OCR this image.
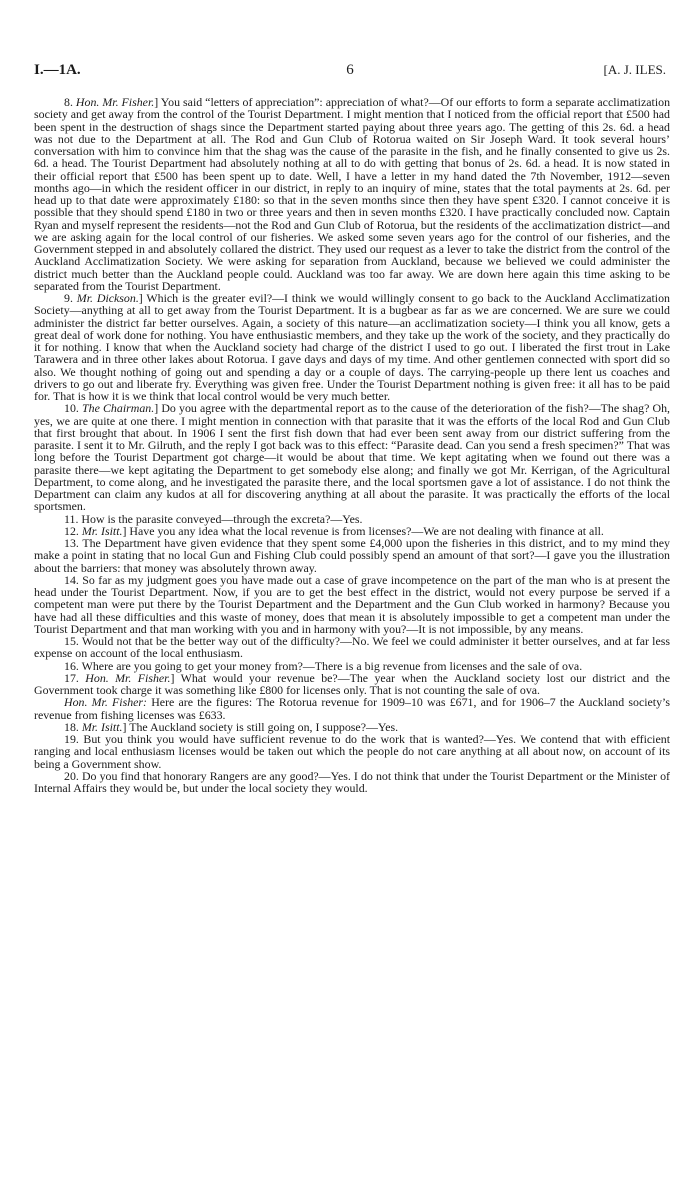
I.—1A.	6	[A. J. ILES.

8. Hon. Mr. Fisher.] You said “letters of appreciation”: appreciation of what?—Of our efforts to form a separate acclimatization society and get away from the control of the Tourist Department. I might mention that I noticed from the official report that £500 had been spent in the destruction of shags since the Department started paying about three years ago. The getting of this 2s. 6d. a head was not due to the Department at all. The Rod and Gun Club of Rotorua waited on Sir Joseph Ward. It took several hours’ conversation with him to convince him that the shag was the cause of the parasite in the fish, and he finally consented to give us 2s. 6d. a head. The Tourist Department had absolutely nothing at all to do with getting that bonus of 2s. 6d. a head. It is now stated in their official report that £500 has been spent up to date. Well, I have a letter in my hand dated the 7th November, 1912—seven months ago—in which the resident officer in our district, in reply to an inquiry of mine, states that the total payments at 2s. 6d. per head up to that date were approximately £180: so that in the seven months since then they have spent £320. I cannot conceive it is possible that they should spend £180 in two or three years and then in seven months £320. I have practically concluded now. Captain Ryan and myself represent the residents—not the Rod and Gun Club of Rotorua, but the residents of the acclimatization district—and we are asking again for the local control of our fisheries. We asked some seven years ago for the control of our fisheries, and the Government stepped in and absolutely collared the district. They used our request as a lever to take the district from the control of the Auckland Acclimatization Society. We were asking for separation from Auckland, because we believed we could administer the district much better than the Auckland people could. Auckland was too far away. We are down here again this time asking to be separated from the Tourist Department.

9. Mr. Dickson.] Which is the greater evil?—I think we would willingly consent to go back to the Auckland Acclimatization Society—anything at all to get away from the Tourist Department. It is a bugbear as far as we are concerned. We are sure we could administer the district far better ourselves. Again, a society of this nature—an acclimatization society—I think you all know, gets a great deal of work done for nothing. You have enthusiastic members, and they take up the work of the society, and they practically do it for nothing. I know that when the Auckland society had charge of the district I used to go out. I liberated the first trout in Lake Tarawera and in three other lakes about Rotorua. I gave days and days of my time. And other gentlemen connected with sport did so also. We thought nothing of going out and spending a day or a couple of days. The carrying-people up there lent us coaches and drivers to go out and liberate fry. Everything was given free. Under the Tourist Department nothing is given free: it all has to be paid for. That is how it is we think that local control would be very much better.

10. The Chairman.] Do you agree with the departmental report as to the cause of the deterioration of the fish?—The shag? Oh, yes, we are quite at one there. I might mention in connection with that parasite that it was the efforts of the local Rod and Gun Club that first brought that about. In 1906 I sent the first fish down that had ever been sent away from our district suffering from the parasite. I sent it to Mr. Gilruth, and the reply I got back was to this effect: “Parasite dead. Can you send a fresh specimen?” That was long before the Tourist Department got charge—it would be about that time. We kept agitating when we found out there was a parasite there—we kept agitating the Department to get somebody else along; and finally we got Mr. Kerrigan, of the Agricultural Department, to come along, and he investigated the parasite there, and the local sportsmen gave a lot of assistance. I do not think the Department can claim any kudos at all for discovering anything at all about the parasite. It was practically the efforts of the local sportsmen.

11. How is the parasite conveyed—through the excreta?—Yes.

12. Mr. Isitt.] Have you any idea what the local revenue is from licenses?—We are not dealing with finance at all.

13. The Department have given evidence that they spent some £4,000 upon the fisheries in this district, and to my mind they make a point in stating that no local Gun and Fishing Club could possibly spend an amount of that sort?—I gave you the illustration about the barriers: that money was absolutely thrown away.

14. So far as my judgment goes you have made out a case of grave incompetence on the part of the man who is at present the head under the Tourist Department. Now, if you are to get the best effect in the district, would not every purpose be served if a competent man were put there by the Tourist Department and the Department and the Gun Club worked in harmony? Because you have had all these difficulties and this waste of money, does that mean it is absolutely impossible to get a competent man under the Tourist Department and that man working with you and in harmony with you?—It is not impossible, by any means.

15. Would not that be the better way out of the difficulty?—No. We feel we could administer it better ourselves, and at far less expense on account of the local enthusiasm.

16. Where are you going to get your money from?—There is a big revenue from licenses and the sale of ova.

17. Hon. Mr. Fisher.] What would your revenue be?—The year when the Auckland society lost our district and the Government took charge it was something like £800 for licenses only. That is not counting the sale of ova.

Hon. Mr. Fisher: Here are the figures: The Rotorua revenue for 1909–10 was £671, and for 1906–7 the Auckland society’s revenue from fishing licenses was £633.

18. Mr. Isitt.] The Auckland society is still going on, I suppose?—Yes.

19. But you think you would have sufficient revenue to do the work that is wanted?—Yes. We contend that with efficient ranging and local enthusiasm licenses would be taken out which the people do not care anything at all about now, on account of its being a Government show.

20. Do you find that honorary Rangers are any good?—Yes. I do not think that under the Tourist Department or the Minister of Internal Affairs they would be, but under the local society they would.
